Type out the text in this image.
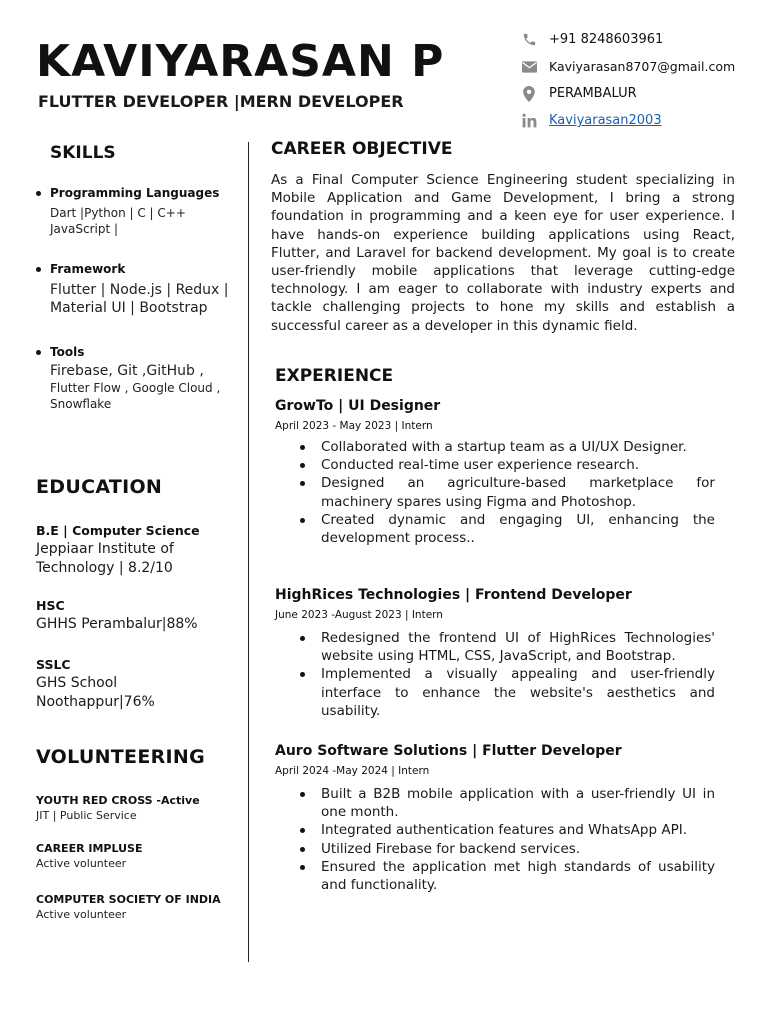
KAVIYARASAN P
FLUTTER DEVELOPER |MERN DEVELOPER
+91 8248603961
Kaviyarasan8707@gmail.com
PERAMBALUR
Kaviyarasan2003
SKILLS
Programming Languages
Dart |Python | C | C++
JavaScript |
Framework
Flutter | Node.js | Redux |
Material UI | Bootstrap
Tools
Firebase, Git ,GitHub ,
Flutter Flow , Google Cloud ,
Snowflake
EDUCATION
B.E | Computer Science
Jeppiaar Institute of
Technology | 8.2/10
HSC
GHHS Perambalur|88%
SSLC
GHS School
Noothappur|76%
VOLUNTEERING
YOUTH RED CROSS -Active
JIT | Public Service
CAREER IMPLUSE
Active volunteer
COMPUTER SOCIETY OF INDIA
Active volunteer
CAREER OBJECTIVE
As a Final Computer Science Engineering student specializing in Mobile Application and Game Development, I bring a strong foundation in programming and a keen eye for user experience. I have hands-on experience building applications using React, Flutter, and Laravel for backend development. My goal is to create user-friendly mobile applications that leverage cutting-edge technology. I am eager to collaborate with industry experts and tackle challenging projects to hone my skills and establish a successful career as a developer in this dynamic field.
EXPERIENCE
GrowTo | UI Designer
April 2023 - May 2023 | Intern
Collaborated with a startup team as a UI/UX Designer.
Conducted real-time user experience research.
Designed an agriculture-based marketplace for machinery spares using Figma and Photoshop.
Created dynamic and engaging UI, enhancing the development process..
HighRices Technologies | Frontend Developer
June 2023 -August 2023 | Intern
Redesigned the frontend UI of HighRices Technologies' website using HTML, CSS, JavaScript, and Bootstrap.
Implemented a visually appealing and user-friendly interface to enhance the website's aesthetics and usability.
Auro Software Solutions | Flutter Developer
April 2024 -May 2024 | Intern
Built a B2B mobile application with a user-friendly UI in one month.
Integrated authentication features and WhatsApp API.
Utilized Firebase for backend services.
Ensured the application met high standards of usability and functionality.
